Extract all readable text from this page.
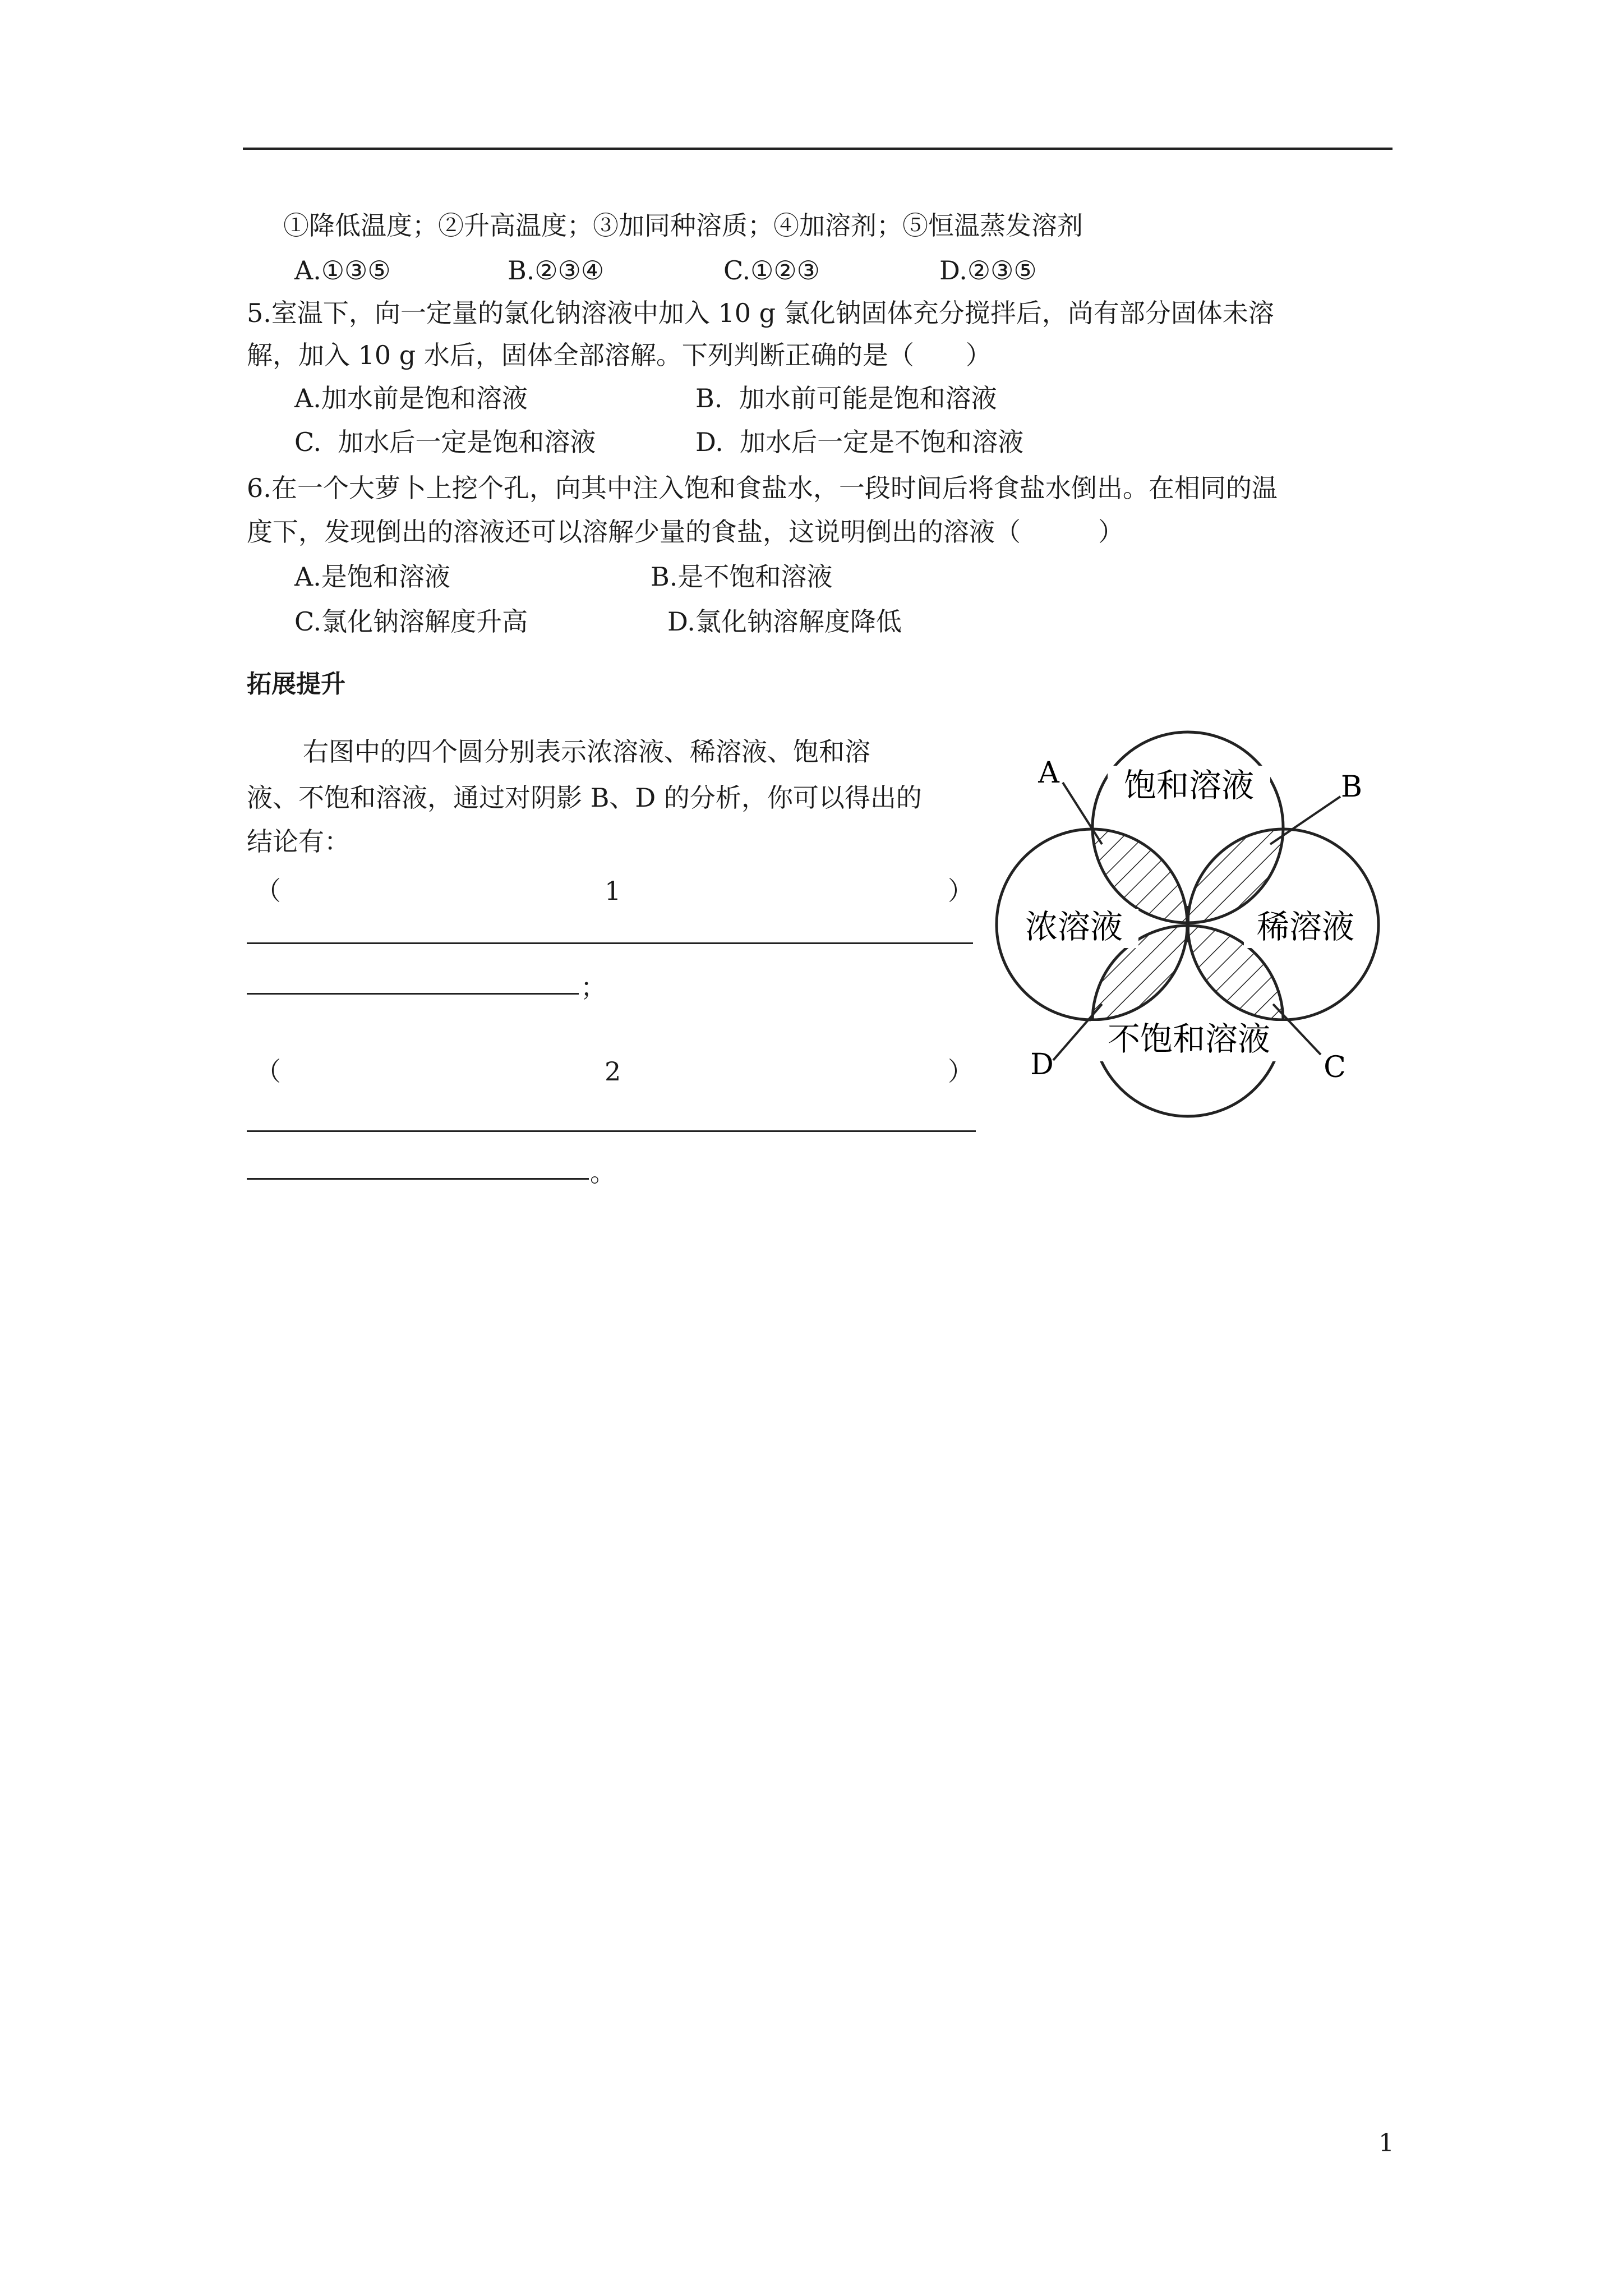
①降低温度；②升高温度；③加同种溶质；④加溶剂；⑤恒温蒸发溶剂
A.①③⑤	B.②③④	C.①②③	D.②③⑤
5.室温下，向一定量的氯化钠溶液中加入 10 g 氯化钠固体充分搅拌后，尚有部分固体未溶
解，加入 10 g 水后，固体全部溶解。下列判断正确的是（　　）
A.加水前是饱和溶液	B.  加水前可能是饱和溶液
C.  加水后一定是饱和溶液	D.  加水后一定是不饱和溶液
6.在一个大萝卜上挖个孔，向其中注入饱和食盐水，一段时间后将食盐水倒出。在相同的温
度下，发现倒出的溶液还可以溶解少量的食盐，这说明倒出的溶液（　　　）
A.是饱和溶液	B.是不饱和溶液
C.氯化钠溶解度升高	D.氯化钠溶解度降低
拓展提升
右图中的四个圆分别表示浓溶液、稀溶液、饱和溶
液、不饱和溶液，通过对阴影 B、D 的分析，你可以得出的
结论有：
（	1	）
；
（	2	）
。
饱和溶液
浓溶液	稀溶液
不饱和溶液
A	B
C
D
1
